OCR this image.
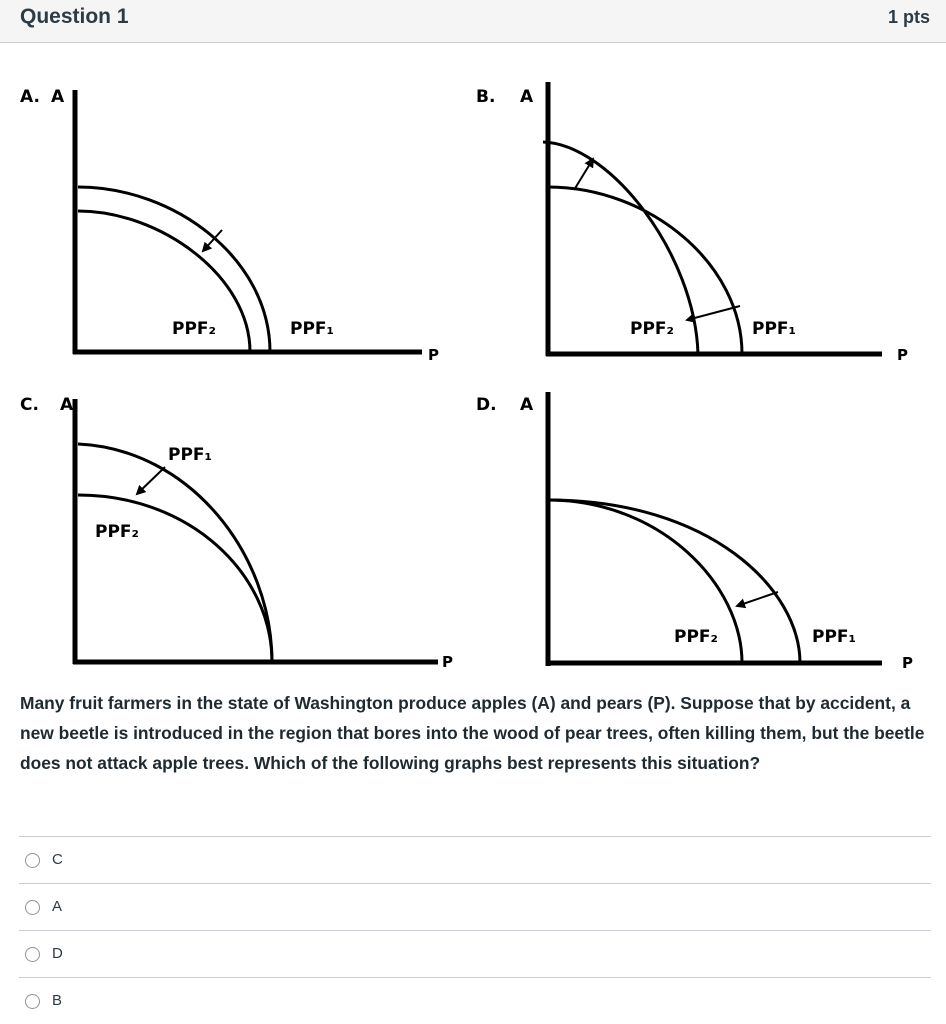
Question 1	1 pts
A. A
P
PPF₂	PPF₁
B. A
P
PPF₂	PPF₁
C. A
P
PPF₁
PPF₂
D. A
P
PPF₂	PPF₁
Many fruit farmers in the state of Washington produce apples (A) and pears (P). Suppose that by accident, a new beetle is introduced in the region that bores into the wood of pear trees, often killing them, but the beetle does not attack apple trees. Which of the following graphs best represents this situation?
C
A
D
B
